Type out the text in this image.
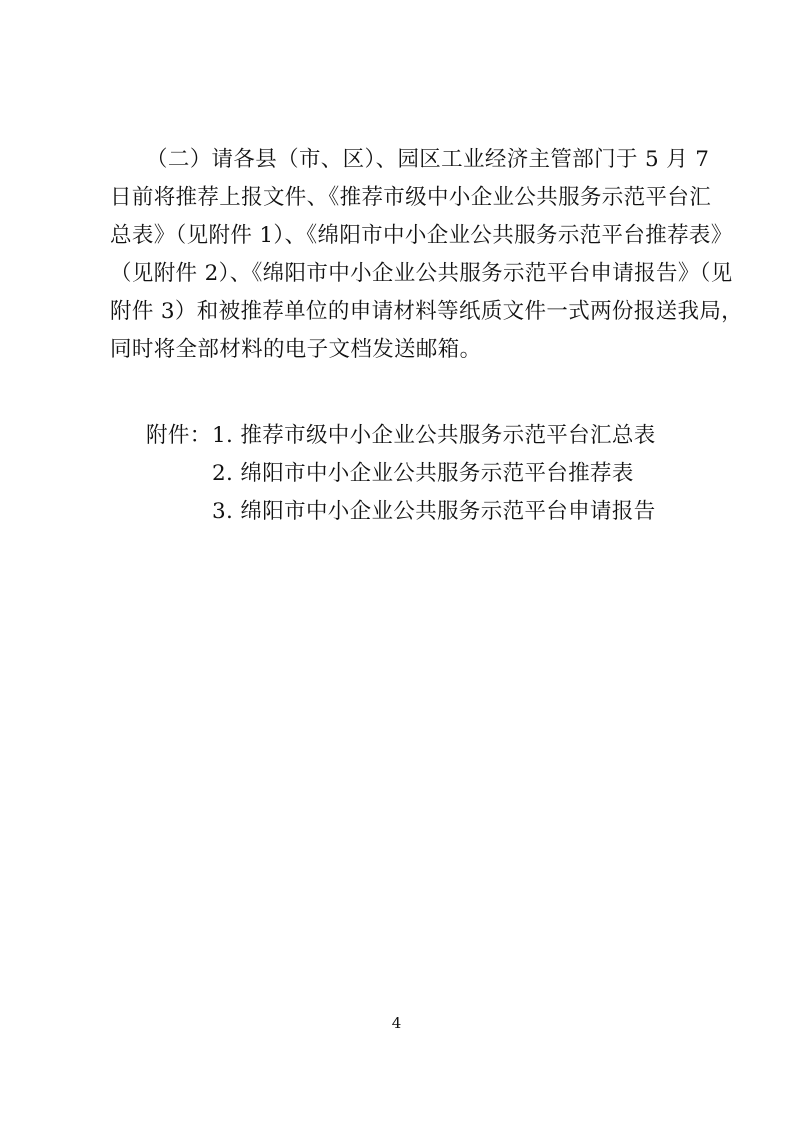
（二）请各县（市、区）、园区工业经济主管部门于 5 月 7
日前将推荐上报文件、《推荐市级中小企业公共服务示范平台汇
总表》（见附件 1）、《绵阳市中小企业公共服务示范平台推荐表》
（见附件 2）、《绵阳市中小企业公共服务示范平台申请报告》（见
附件 3）和被推荐单位的申请材料等纸质文件一式两份报送我局，
同时将全部材料的电子文档发送邮箱。
附件： 1. 推荐市级中小企业公共服务示范平台汇总表
2. 绵阳市中小企业公共服务示范平台推荐表
3. 绵阳市中小企业公共服务示范平台申请报告
4
